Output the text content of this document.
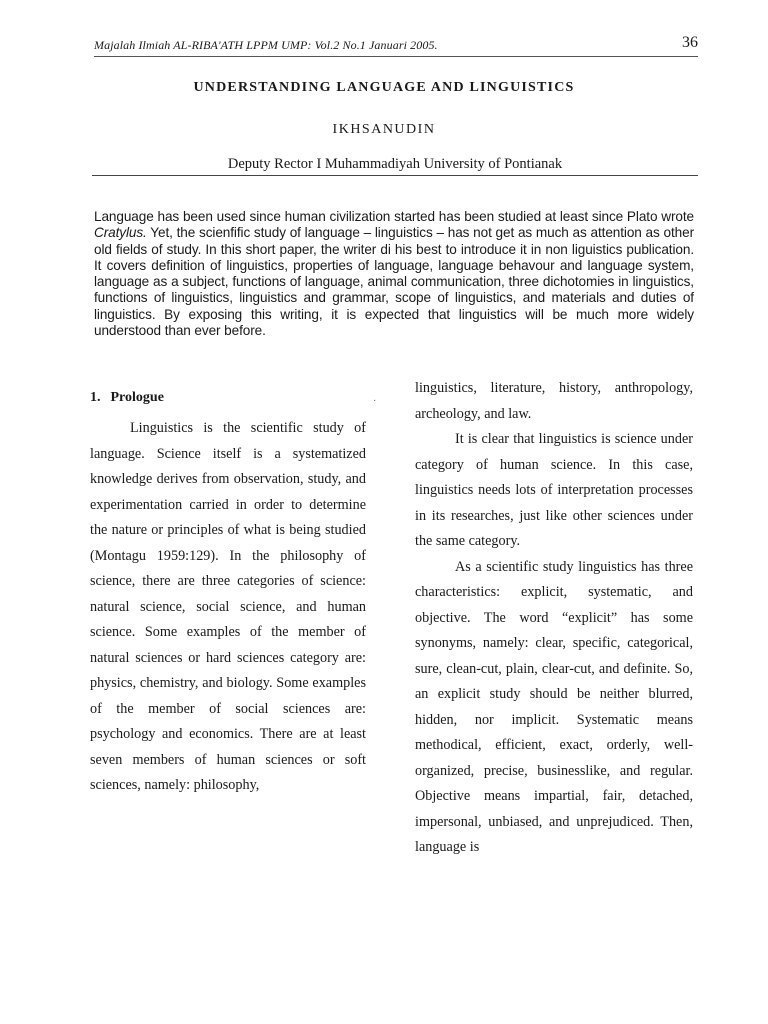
Majalah Ilmiah AL-RIBA'ATH LPPM UMP: Vol.2 No.1 Januari 2005.	36
UNDERSTANDING LANGUAGE AND LINGUISTICS
IKHSANUDIN
Deputy Rector I Muhammadiyah University of Pontianak
Language has been used since human civilization started has been studied at least since Plato wrote Cratylus. Yet, the scienfific study of language – linguistics – has not get as much as attention as other old fields of study. In this short paper, the writer di his best to introduce it in non liguistics publication. It covers definition of linguistics, properties of language, language behavour and language system, language as a subject, functions of language, animal communication, three dichotomies in linguistics, functions of linguistics, linguistics and grammar, scope of linguistics, and materials and duties of linguistics. By exposing this writing, it is expected that linguistics will be much more widely understood than ever before.
1. Prologue

Linguistics is the scientific study of language. Science itself is a systematized knowledge derives from observation, study, and experimentation carried in order to determine the nature or principles of what is being studied (Montagu 1959:129). In the philosophy of science, there are three categories of science: natural science, social science, and human science. Some examples of the member of natural sciences or hard sciences category are: physics, chemistry, and biology. Some examples of the member of social sciences are: psychology and economics. There are at least seven members of human sciences or soft sciences, namely: philosophy,

·

linguistics, literature, history, anthropology, archeology, and law.

It is clear that linguistics is science under category of human science. In this case, linguistics needs lots of interpretation processes in its researches, just like other sciences under the same category.

As a scientific study linguistics has three characteristics: explicit, systematic, and objective. The word “explicit” has some synonyms, namely: clear, specific, categorical, sure, clean-cut, plain, clear-cut, and definite. So, an explicit study should be neither blurred, hidden, nor implicit. Systematic means methodical, efficient, exact, orderly, well-organized, precise, businesslike, and regular. Objective means impartial, fair, detached, impersonal, unbiased, and unprejudiced. Then, language is
